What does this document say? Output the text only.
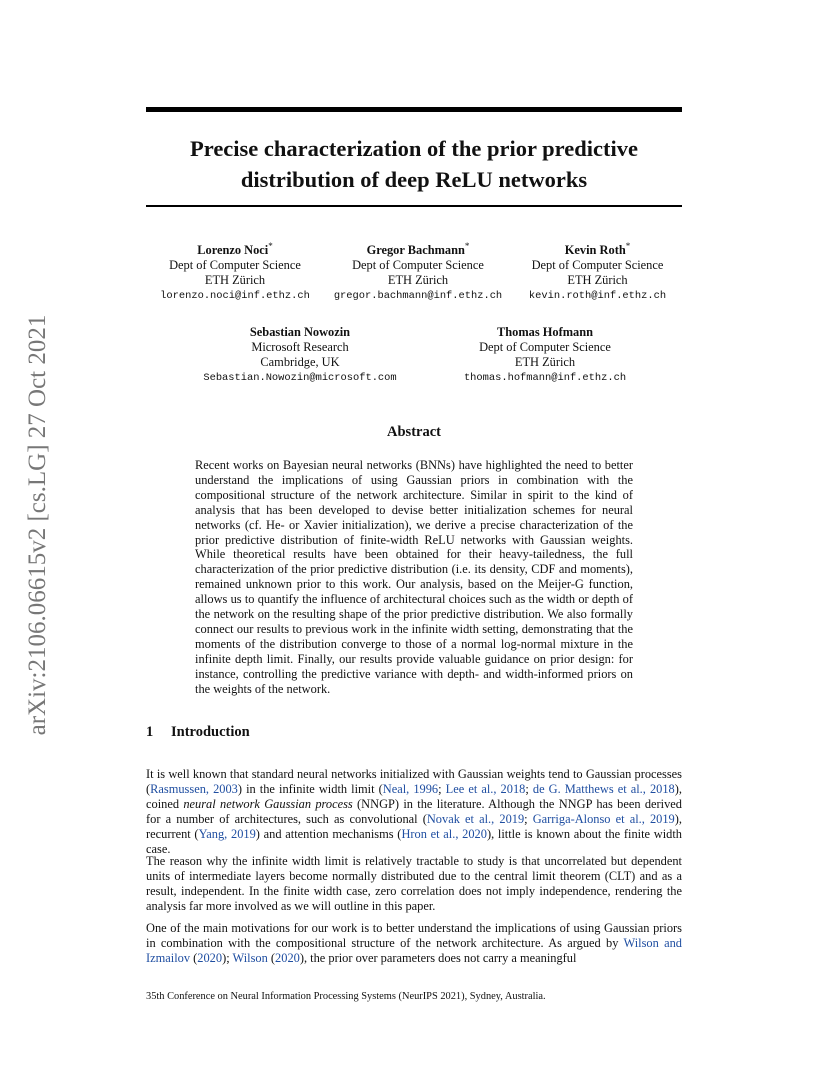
arXiv:2106.06615v2 [cs.LG] 27 Oct 2021
Precise characterization of the prior predictive
distribution of deep ReLU networks
Lorenzo Noci*
Dept of Computer Science
ETH Zürich
lorenzo.noci@inf.ethz.ch
Gregor Bachmann*
Dept of Computer Science
ETH Zürich
gregor.bachmann@inf.ethz.ch
Kevin Roth*
Dept of Computer Science
ETH Zürich
kevin.roth@inf.ethz.ch
Sebastian Nowozin
Microsoft Research
Cambridge, UK
Sebastian.Nowozin@microsoft.com
Thomas Hofmann
Dept of Computer Science
ETH Zürich
thomas.hofmann@inf.ethz.ch
Abstract
Recent works on Bayesian neural networks (BNNs) have highlighted the need to better understand the implications of using Gaussian priors in combination with the compositional structure of the network architecture. Similar in spirit to the kind of analysis that has been developed to devise better initialization schemes for neural networks (cf. He- or Xavier initialization), we derive a precise characterization of the prior predictive distribution of finite-width ReLU networks with Gaussian weights. While theoretical results have been obtained for their heavy-tailedness, the full characterization of the prior predictive distribution (i.e. its density, CDF and moments), remained unknown prior to this work. Our analysis, based on the Meijer-G function, allows us to quantify the influence of architectural choices such as the width or depth of the network on the resulting shape of the prior predictive distribution. We also formally connect our results to previous work in the infinite width setting, demonstrating that the moments of the distribution converge to those of a normal log-normal mixture in the infinite depth limit. Finally, our results provide valuable guidance on prior design: for instance, controlling the predictive variance with depth- and width-informed priors on the weights of the network.
1 Introduction
It is well known that standard neural networks initialized with Gaussian weights tend to Gaussian processes (Rasmussen, 2003) in the infinite width limit (Neal, 1996; Lee et al., 2018; de G. Matthews et al., 2018), coined neural network Gaussian process (NNGP) in the literature. Although the NNGP has been derived for a number of architectures, such as convolutional (Novak et al., 2019; Garriga-Alonso et al., 2019), recurrent (Yang, 2019) and attention mechanisms (Hron et al., 2020), little is known about the finite width case.
The reason why the infinite width limit is relatively tractable to study is that uncorrelated but dependent units of intermediate layers become normally distributed due to the central limit theorem (CLT) and as a result, independent. In the finite width case, zero correlation does not imply independence, rendering the analysis far more involved as we will outline in this paper.
One of the main motivations for our work is to better understand the implications of using Gaussian priors in combination with the compositional structure of the network architecture. As argued by Wilson and Izmailov (2020); Wilson (2020), the prior over parameters does not carry a meaningful
35th Conference on Neural Information Processing Systems (NeurIPS 2021), Sydney, Australia.
